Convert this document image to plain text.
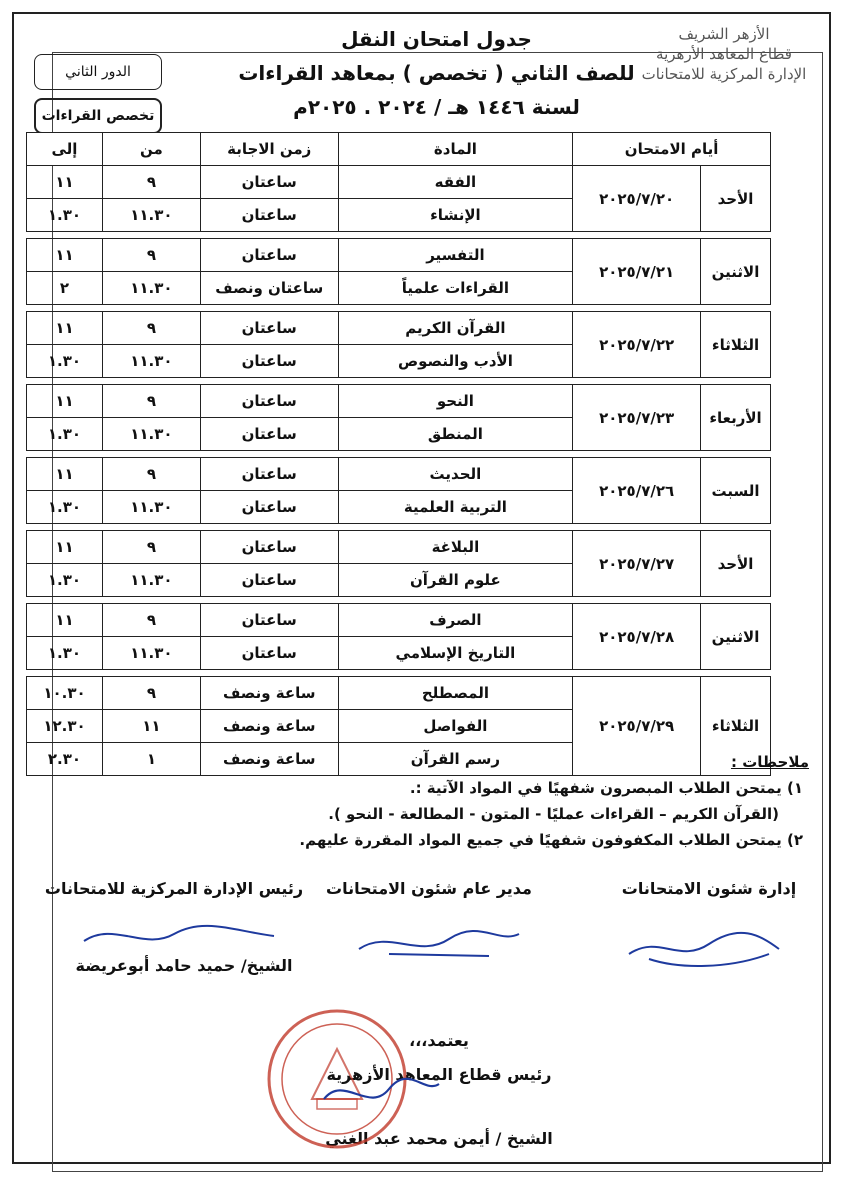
الأزهر الشريف
قطاع المعاهد الأزهرية
الإدارة المركزية للامتحانات
جدول امتحان النقل
للصف الثاني ( تخصص ) بمعاهد القراءات
لسنة ١٤٤٦ هـ / ٢٠٢٤ . ٢٠٢٥م
الدور الثاني
تخصص القراءات
أيام الامتحان		المادة	زمن الاجابة	من	إلى
الأحد	٢٠٢٥/٧/٢٠	الفقه	ساعتان	٩	١١
		الإنشاء	ساعتان	١١.٣٠	١.٣٠

الاثنين	٢٠٢٥/٧/٢١	التفسير	ساعتان	٩	١١
		القراءات علمياً	ساعتان ونصف	١١.٣٠	٢

الثلاثاء	٢٠٢٥/٧/٢٢	القرآن الكريم	ساعتان	٩	١١
		الأدب والنصوص	ساعتان	١١.٣٠	١.٣٠

الأربعاء	٢٠٢٥/٧/٢٣	النحو	ساعتان	٩	١١
		المنطق	ساعتان	١١.٣٠	١.٣٠

السبت	٢٠٢٥/٧/٢٦	الحديث	ساعتان	٩	١١
		التربية العلمية	ساعتان	١١.٣٠	١.٣٠

الأحد	٢٠٢٥/٧/٢٧	البلاغة	ساعتان	٩	١١
		علوم القرآن	ساعتان	١١.٣٠	١.٣٠

الاثنين	٢٠٢٥/٧/٢٨	الصرف	ساعتان	٩	١١
		التاريخ الإسلامي	ساعتان	١١.٣٠	١.٣٠

الثلاثاء	٢٠٢٥/٧/٢٩	المصطلح	ساعة ونصف	٩	١٠.٣٠
		الفواصل	ساعة ونصف	١١	١٢.٣٠
		رسم القرآن	ساعة ونصف	١	٢.٣٠	ملاحظات :
١) يمتحن الطلاب المبصرون شفهيًا في المواد الآتية :.
(القرآن الكريم – القراءات عمليًا - المتون - المطالعة - النحو ).
٢) يمتحن الطلاب المكفوفون شفهيًا في جميع المواد المقررة عليهم.
إدارة شئون الامتحانات
مدير عام شئون الامتحانات
رئيس الإدارة المركزية للامتحانات
الشيخ/ حميد حامد أبوعريضة
يعتمد،،،
رئيس قطاع المعاهد الأزهرية
الشيخ / أيمن محمد عبد الغني
